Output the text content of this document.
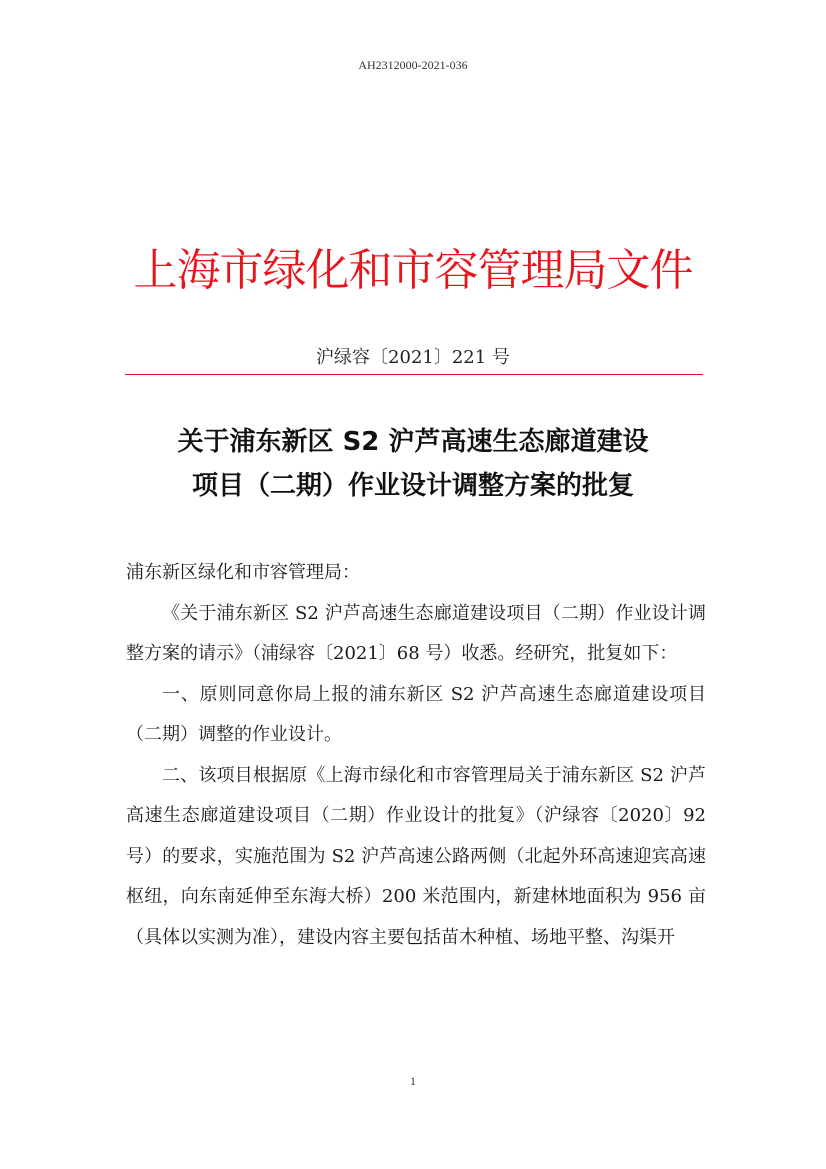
AH2312000-2021-036
上海市绿化和市容管理局文件
沪绿容〔2021〕221 号
关于浦东新区 S2 沪芦高速生态廊道建设
项目（二期）作业设计调整方案的批复

浦东新区绿化和市容管理局：

《关于浦东新区 S2 沪芦高速生态廊道建设项目（二期）作业设计调整方案的请示》（浦绿容〔2021〕68 号）收悉。经研究，批复如下：

一、原则同意你局上报的浦东新区 S2 沪芦高速生态廊道建设项目（二期）调整的作业设计。

二、该项目根据原《上海市绿化和市容管理局关于浦东新区 S2 沪芦高速生态廊道建设项目（二期）作业设计的批复》（沪绿容〔2020〕92 号）的要求，实施范围为 S2 沪芦高速公路两侧（北起外环高速迎宾高速枢纽，向东南延伸至东海大桥）200 米范围内，新建林地面积为 956 亩（具体以实测为准），建设内容主要包括苗木种植、场地平整、沟渠开

1
